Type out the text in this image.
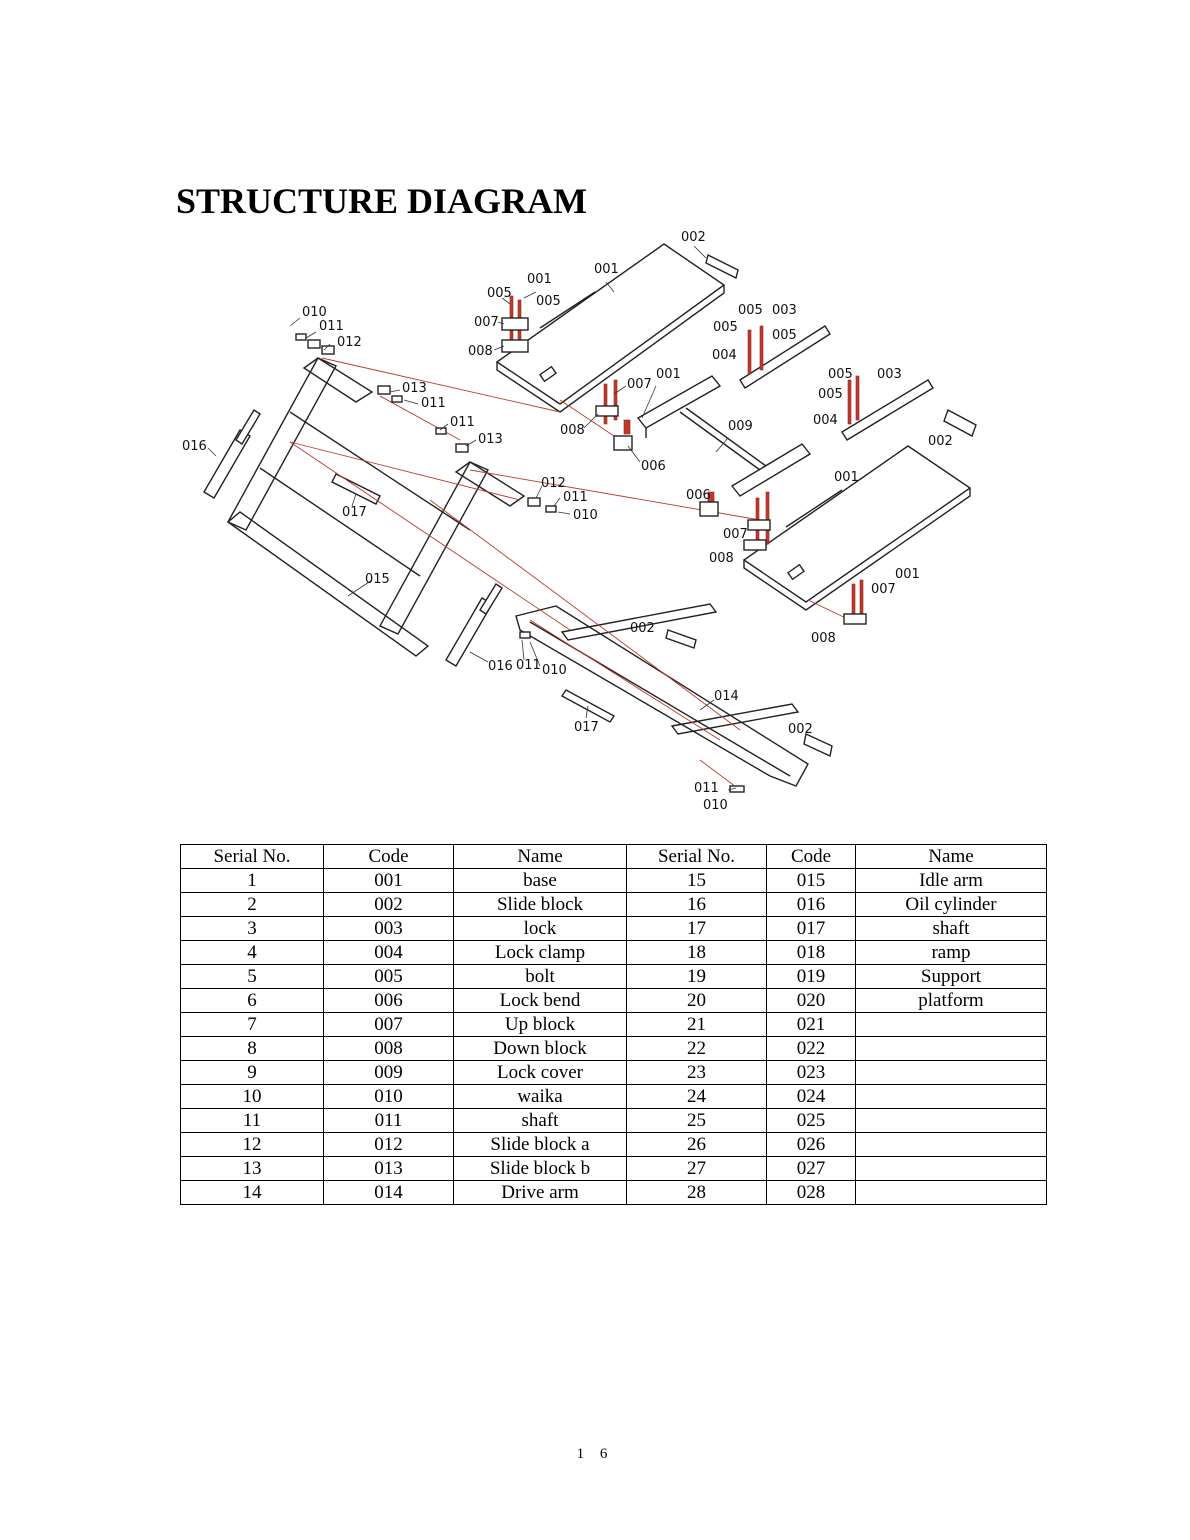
STRUCTURE DIAGRAM
001
001
001
001
001
002
002
002
002
003
003
004
004
005
005
005
005
005
005
005
006
006
007
007
007
007
008
008
008
008
009
010
010
010
010
011
011
011
011
011
011
012
012
013
013
014
015
016
016
017
017
Serial No.	Code	Name	Serial No.	Code	Name
1	001	base	15	015	Idle arm
2	002	Slide block	16	016	Oil cylinder
3	003	lock	17	017	shaft
4	004	Lock clamp	18	018	ramp
5	005	bolt	19	019	Support
6	006	Lock bend	20	020	platform
7	007	Up block	21	021	
8	008	Down block	22	022	
9	009	Lock cover	23	023	
10	010	waika	24	024	
11	011	shaft	25	025	
12	012	Slide block a	26	026	
13	013	Slide block b	27	027	
14	014	Drive arm	28	028	
1 6
